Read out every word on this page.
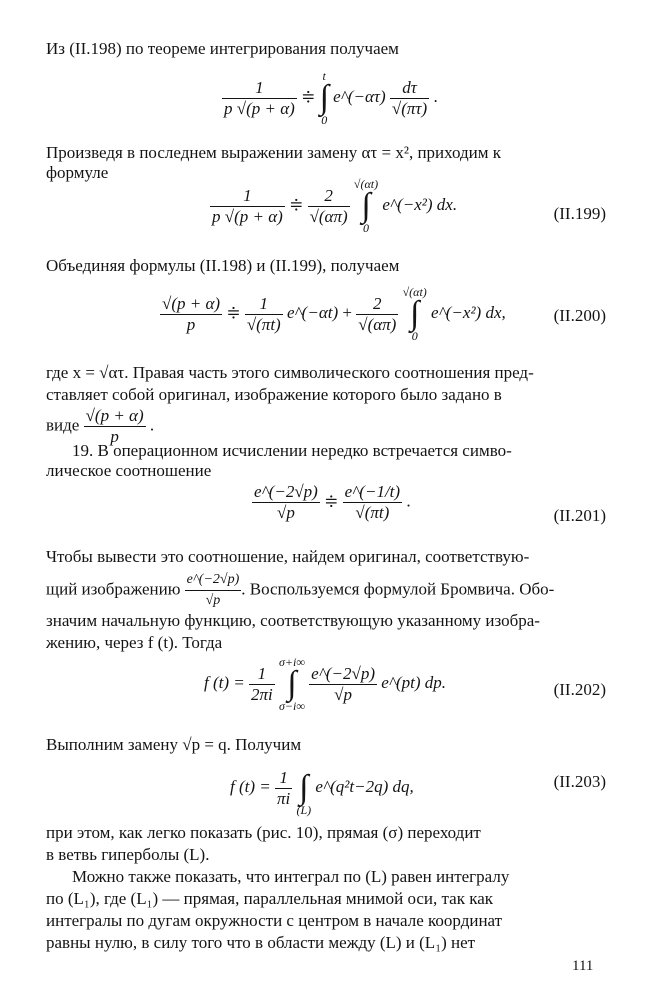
Из (II.198) по теореме интегрирования получаем
$\frac{1}{p √(p + \alpha)}$ ≑
t
∫
0
e^(−ατ) $\frac{d\tau}{√(\pi\tau)}$ .
Произведя в последнем выражении замену ατ = x², приходим к
формуле
$\frac{1}{p √(p + \alpha)}$ ≑ $\frac{2}{√(\alpha\pi)}$

√(αt)
∫
0
e^(−x²) dx.	(II.199)
Объединяя формулы (II.198) и (II.199), получаем
$\frac{√(p + \alpha)}{p}$ ≑ $\frac{1}{√(\pi t)}$ e^(−αt) + $\frac{2}{√(\alpha\pi)}$

√(αt)
∫
0
e^(−x²) dx,	(II.200)
где x = √ατ. Правая часть этого символического соотношения пред-
ставляет собой оригинал, изображение которого было задано в
виде $\frac{√(p + \alpha)}{p}$ .
19. В операционном исчислении нередко встречается симво-
лическое соотношение
$\frac{e\^{}(-2√p)}{√p}$ ≑ $\frac{e\^{}(-1/t)}{√(\pi t)}$ .
(II.201)
Чтобы вывести это соотношение, найдем оригинал, соответствую-
щий изображению $\frac{e\^{}(-2√p)}{√p}$ . Воспользуемся формулой Бромвича. Обо-
значим начальную функцию, соответствующую указанному изобра-
жению, через f (t). Тогда
f $(t) = \frac{1}{2\pi i}$

σ+i∞
∫
σ−i∞

$\frac{e\^{}(-2√p)}{√p}$ e^(pt) dp.	(II.202)
Выполним замену √p = q. Получим
f $(t) = \frac{1}{\pi i}$

∫
(L)
e^(q²t−2q) dq,	(II.203)
при этом, как легко показать (рис. 10), прямая (σ) переходит
в ветвь гиперболы (L).
Можно также показать, что интеграл по (L) равен интегралу
по (L₁), где (L₁) — прямая, параллельная мнимой оси, так как
интегралы по дугам окружности с центром в начале координат
равны нулю, в силу того что в области между (L) и (L₁) нет
111
